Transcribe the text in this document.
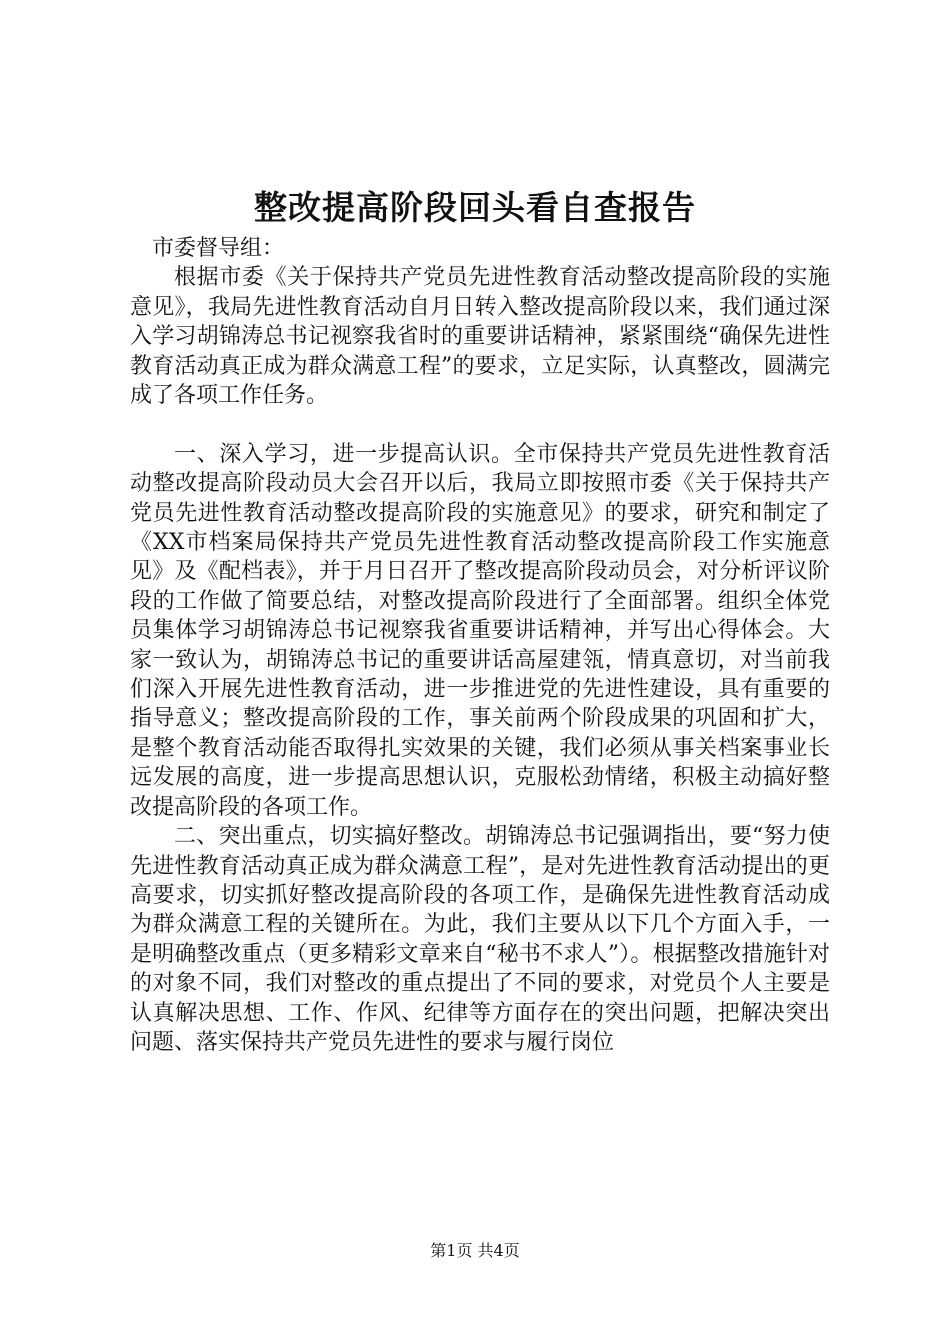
整改提高阶段回头看自查报告

市委督导组：

根据市委《关于保持共产党员先进性教育活动整改提高阶段的实施意见》，我局先进性教育活动自月日转入整改提高阶段以来，我们通过深入学习胡锦涛总书记视察我省时的重要讲话精神，紧紧围绕“确保先进性教育活动真正成为群众满意工程”的要求，立足实际，认真整改，圆满完成了各项工作任务。

一、深入学习，进一步提高认识。全市保持共产党员先进性教育活动整改提高阶段动员大会召开以后，我局立即按照市委《关于保持共产党员先进性教育活动整改提高阶段的实施意见》的要求，研究和制定了《XX市档案局保持共产党员先进性教育活动整改提高阶段工作实施意见》及《配档表》，并于月日召开了整改提高阶段动员会，对分析评议阶段的工作做了简要总结，对整改提高阶段进行了全面部署。组织全体党员集体学习胡锦涛总书记视察我省重要讲话精神，并写出心得体会。大家一致认为，胡锦涛总书记的重要讲话高屋建瓴，情真意切，对当前我们深入开展先进性教育活动，进一步推进党的先进性建设，具有重要的指导意义；整改提高阶段的工作，事关前两个阶段成果的巩固和扩大，是整个教育活动能否取得扎实效果的关键，我们必须从事关档案事业长远发展的高度，进一步提高思想认识，克服松劲情绪，积极主动搞好整改提高阶段的各项工作。

二、突出重点，切实搞好整改。胡锦涛总书记强调指出，要“努力使先进性教育活动真正成为群众满意工程”，是对先进性教育活动提出的更高要求，切实抓好整改提高阶段的各项工作，是确保先进性教育活动成为群众满意工程的关键所在。为此，我们主要从以下几个方面入手，一是明确整改重点（更多精彩文章来自“秘书不求人”）。根据整改措施针对的对象不同，我们对整改的重点提出了不同的要求，对党员个人主要是认真解决思想、工作、作风、纪律等方面存在的突出问题，把解决突出问题、落实保持共产党员先进性的要求与履行岗位

第1页 共4页
